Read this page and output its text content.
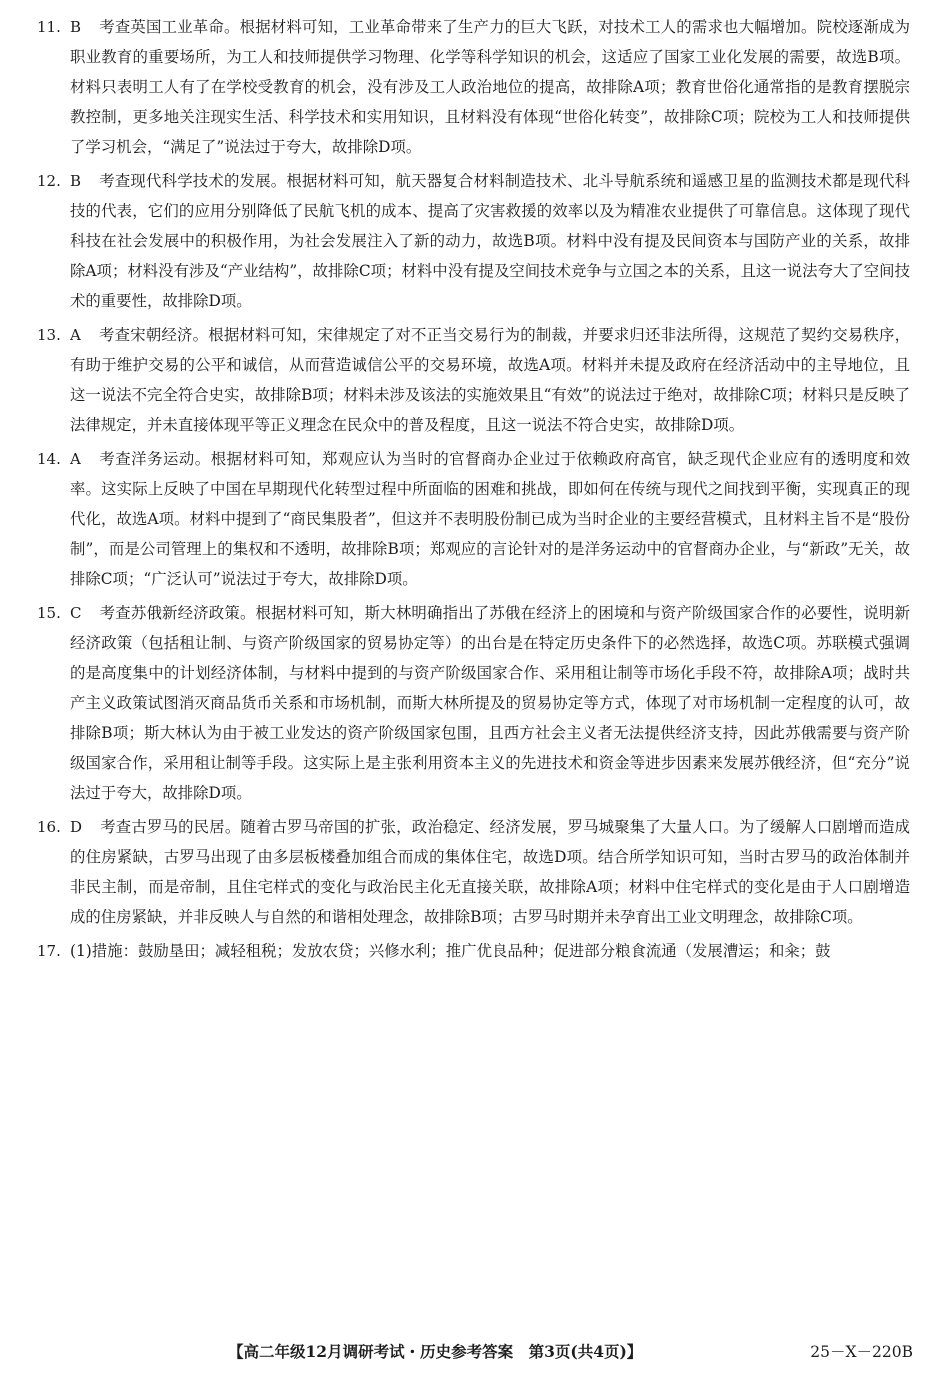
11. B 考查英国工业革命。根据材料可知，工业革命带来了生产力的巨大飞跃，对技术工人的需求也大幅增加。院校逐渐成为职业教育的重要场所，为工人和技师提供学习物理、化学等科学知识的机会，这适应了国家工业化发展的需要，故选B项。材料只表明工人有了在学校受教育的机会，没有涉及工人政治地位的提高，故排除A项；教育世俗化通常指的是教育摆脱宗教控制，更多地关注现实生活、科学技术和实用知识，且材料没有体现“世俗化转变”，故排除C项；院校为工人和技师提供了学习机会，“满足了”说法过于夸大，故排除D项。
12. B 考查现代科学技术的发展。根据材料可知，航天器复合材料制造技术、北斗导航系统和遥感卫星的监测技术都是现代科技的代表，它们的应用分别降低了民航飞机的成本、提高了灾害救援的效率以及为精准农业提供了可靠信息。这体现了现代科技在社会发展中的积极作用，为社会发展注入了新的动力，故选B项。材料中没有提及民间资本与国防产业的关系，故排除A项；材料没有涉及“产业结构”，故排除C项；材料中没有提及空间技术竞争与立国之本的关系，且这一说法夸大了空间技术的重要性，故排除D项。
13. A 考查宋朝经济。根据材料可知，宋律规定了对不正当交易行为的制裁，并要求归还非法所得，这规范了契约交易秩序，有助于维护交易的公平和诚信，从而营造诚信公平的交易环境，故选A项。材料并未提及政府在经济活动中的主导地位，且这一说法不完全符合史实，故排除B项；材料未涉及该法的实施效果且“有效”的说法过于绝对，故排除C项；材料只是反映了法律规定，并未直接体现平等正义理念在民众中的普及程度，且这一说法不符合史实，故排除D项。
14. A 考查洋务运动。根据材料可知，郑观应认为当时的官督商办企业过于依赖政府高官，缺乏现代企业应有的透明度和效率。这实际上反映了中国在早期现代化转型过程中所面临的困难和挑战，即如何在传统与现代之间找到平衡，实现真正的现代化，故选A项。材料中提到了“商民集股者”，但这并不表明股份制已成为当时企业的主要经营模式，且材料主旨不是“股份制”，而是公司管理上的集权和不透明，故排除B项；郑观应的言论针对的是洋务运动中的官督商办企业，与“新政”无关，故排除C项；“广泛认可”说法过于夸大，故排除D项。
15. C 考查苏俄新经济政策。根据材料可知，斯大林明确指出了苏俄在经济上的困境和与资产阶级国家合作的必要性，说明新经济政策（包括租让制、与资产阶级国家的贸易协定等）的出台是在特定历史条件下的必然选择，故选C项。苏联模式强调的是高度集中的计划经济体制，与材料中提到的与资产阶级国家合作、采用租让制等市场化手段不符，故排除A项；战时共产主义政策试图消灭商品货币关系和市场机制，而斯大林所提及的贸易协定等方式，体现了对市场机制一定程度的认可，故排除B项；斯大林认为由于被工业发达的资产阶级国家包围，且西方社会主义者无法提供经济支持，因此苏俄需要与资产阶级国家合作，采用租让制等手段。这实际上是主张利用资本主义的先进技术和资金等进步因素来发展苏俄经济，但“充分”说法过于夸大，故排除D项。
16. D 考查古罗马的民居。随着古罗马帝国的扩张，政治稳定、经济发展，罗马城聚集了大量人口。为了缓解人口剧增而造成的住房紧缺，古罗马出现了由多层板楼叠加组合而成的集体住宅，故选D项。结合所学知识可知，当时古罗马的政治体制并非民主制，而是帝制，且住宅样式的变化与政治民主化无直接关联，故排除A项；材料中住宅样式的变化是由于人口剧增造成的住房紧缺，并非反映人与自然的和谐相处理念，故排除B项；古罗马时期并未孕育出工业文明理念，故排除C项。
17. (1)措施：鼓励垦田；减轻租税；发放农贷；兴修水利；推广优良品种；促进部分粮食流通（发展漕运；和籴；鼓
【高二年级12月调研考试・历史参考答案　第3页(共4页)】	25－X－220B
